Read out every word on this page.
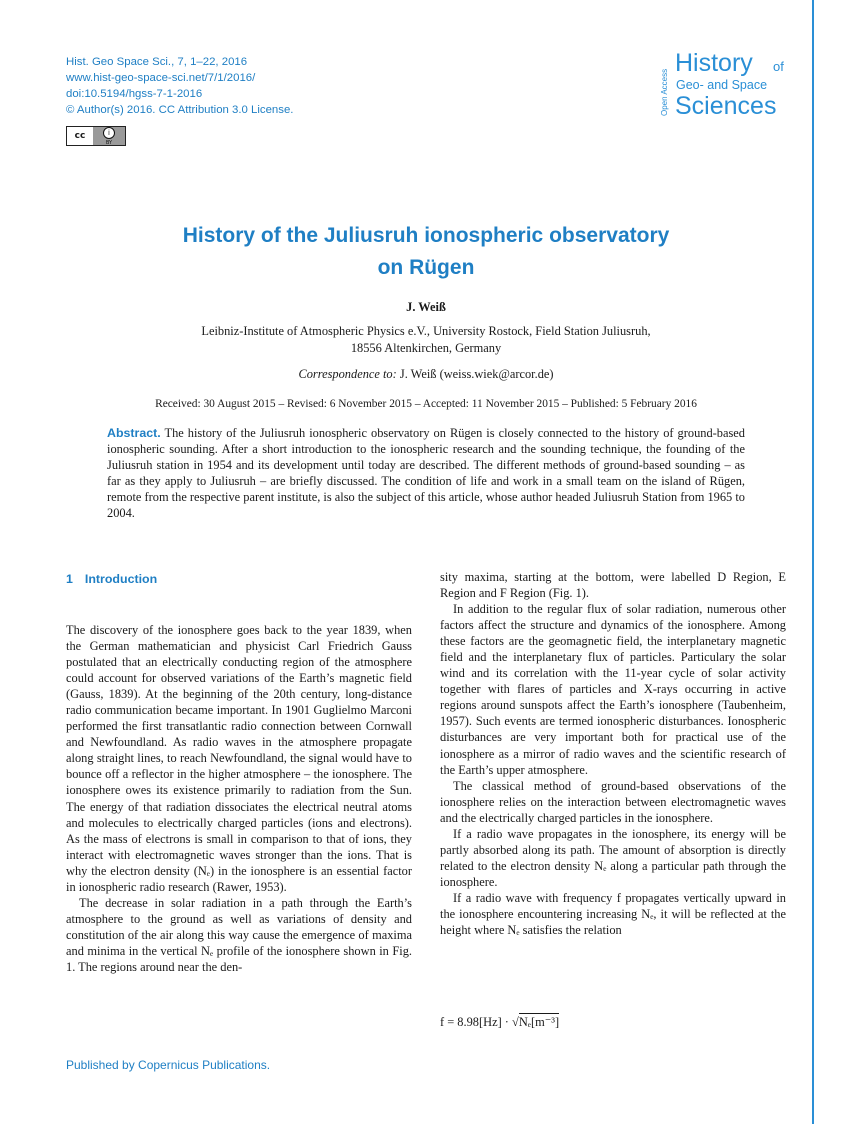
Hist. Geo Space Sci., 7, 1–22, 2016
www.hist-geo-space-sci.net/7/1/2016/
doi:10.5194/hgss-7-1-2016
© Author(s) 2016. CC Attribution 3.0 License.
cc	i
BY
Open Access
History of
Geo- and Space
Sciences
History of the Juliusruh ionospheric observatory
on Rügen
J. Weiß
Leibniz-Institute of Atmospheric Physics e.V., University Rostock, Field Station Juliusruh,
18556 Altenkirchen, Germany
Correspondence to: J. Weiß (weiss.wiek@arcor.de)
Received: 30 August 2015 – Revised: 6 November 2015 – Accepted: 11 November 2015 – Published: 5 February 2016
Abstract. The history of the Juliusruh ionospheric observatory on Rügen is closely connected to the history of ground-based ionospheric sounding. After a short introduction to the ionospheric research and the sounding technique, the founding of the Juliusruh station in 1954 and its development until today are described. The different methods of ground-based sounding – as far as they apply to Juliusruh – are briefly discussed. The condition of life and work in a small team on the island of Rügen, remote from the respective parent institute, is also the subject of this article, whose author headed Juliusruh Station from 1965 to 2004.
1 Introduction

The discovery of the ionosphere goes back to the year 1839, when the German mathematician and physicist Carl Friedrich Gauss postulated that an electrically conducting region of the atmosphere could account for observed variations of the Earth’s magnetic field (Gauss, 1839). At the beginning of the 20th century, long-distance radio communication became important. In 1901 Guglielmo Marconi performed the first transatlantic radio connection between Cornwall and Newfoundland. As radio waves in the atmosphere propagate along straight lines, to reach Newfoundland, the signal would have to bounce off a reflector in the higher atmosphere – the ionosphere. The ionosphere owes its existence primarily to radiation from the Sun. The energy of that radiation dissociates the electrical neutral atoms and molecules to electrically charged particles (ions and electrons). As the mass of electrons is small in comparison to that of ions, they interact with electromagnetic waves stronger than the ions. That is why the electron density (Nₑ) in the ionosphere is an essential factor in ionospheric radio research (Rawer, 1953).

The decrease in solar radiation in a path through the Earth’s atmosphere to the ground as well as variations of density and constitution of the air along this way cause the emergence of maxima and minima in the vertical Nₑ profile of the ionosphere shown in Fig. 1. The regions around near the den-

sity maxima, starting at the bottom, were labelled D Region, E Region and F Region (Fig. 1).

In addition to the regular flux of solar radiation, numerous other factors affect the structure and dynamics of the ionosphere. Among these factors are the geomagnetic field, the interplanetary magnetic field and the interplanetary flux of particles. Particulary the solar wind and its correlation with the 11-year cycle of solar activity together with flares of particles and X-rays occurring in active regions around sunspots affect the Earth’s ionosphere (Taubenheim, 1957). Such events are termed ionospheric disturbances. Ionospheric disturbances are very important both for practical use of the ionosphere as a mirror of radio waves and the scientific research of the Earth’s upper atmosphere.

The classical method of ground-based observations of the ionosphere relies on the interaction between electromagnetic waves and the electrically charged particles in the ionosphere.

If a radio wave propagates in the ionosphere, its energy will be partly absorbed along its path. The amount of absorption is directly related to the electron density Nₑ along a particular path through the ionosphere.

If a radio wave with frequency f propagates vertically upward in the ionosphere encountering increasing Nₑ, it will be reflected at the height where Nₑ satisfies the relation

f = 8.98[Hz] · √Nₑ[m⁻³]
Published by Copernicus Publications.
